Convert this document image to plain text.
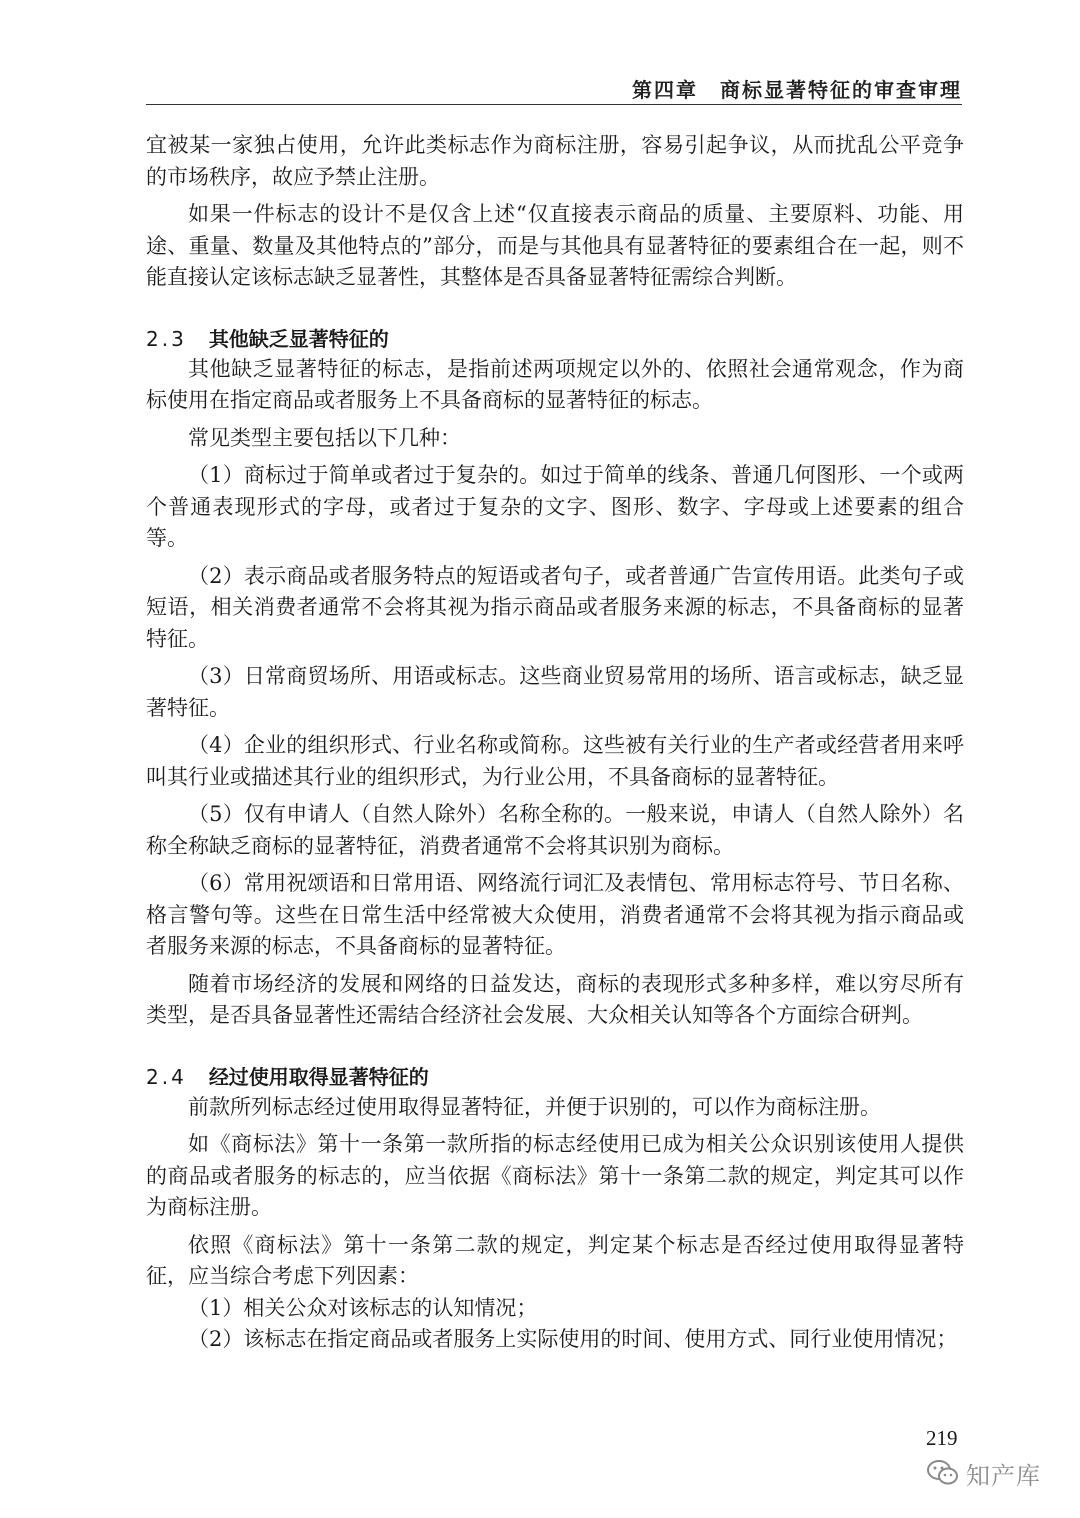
第四章　商标显著特征的审查审理

宜被某一家独占使用，允许此类标志作为商标注册，容易引起争议，从而扰乱公平竞争的市场秩序，故应予禁止注册。

如果一件标志的设计不是仅含上述“仅直接表示商品的质量、主要原料、功能、用途、重量、数量及其他特点的”部分，而是与其他具有显著特征的要素组合在一起，则不能直接认定该标志缺乏显著性，其整体是否具备显著特征需综合判断。

2.3 其他缺乏显著特征的

其他缺乏显著特征的标志，是指前述两项规定以外的、依照社会通常观念，作为商标使用在指定商品或者服务上不具备商标的显著特征的标志。

常见类型主要包括以下几种：

（1）商标过于简单或者过于复杂的。如过于简单的线条、普通几何图形、一个或两个普通表现形式的字母，或者过于复杂的文字、图形、数字、字母或上述要素的组合等。

（2）表示商品或者服务特点的短语或者句子，或者普通广告宣传用语。此类句子或短语，相关消费者通常不会将其视为指示商品或者服务来源的标志，不具备商标的显著特征。

（3）日常商贸场所、用语或标志。这些商业贸易常用的场所、语言或标志，缺乏显著特征。

（4）企业的组织形式、行业名称或简称。这些被有关行业的生产者或经营者用来呼叫其行业或描述其行业的组织形式，为行业公用，不具备商标的显著特征。

（5）仅有申请人（自然人除外）名称全称的。一般来说，申请人（自然人除外）名称全称缺乏商标的显著特征，消费者通常不会将其识别为商标。

（6）常用祝颂语和日常用语、网络流行词汇及表情包、常用标志符号、节日名称、格言警句等。这些在日常生活中经常被大众使用，消费者通常不会将其视为指示商品或者服务来源的标志，不具备商标的显著特征。

随着市场经济的发展和网络的日益发达，商标的表现形式多种多样，难以穷尽所有类型，是否具备显著性还需结合经济社会发展、大众相关认知等各个方面综合研判。

2.4 经过使用取得显著特征的

前款所列标志经过使用取得显著特征，并便于识别的，可以作为商标注册。

如《商标法》第十一条第一款所指的标志经使用已成为相关公众识别该使用人提供的商品或者服务的标志的，应当依据《商标法》第十一条第二款的规定，判定其可以作为商标注册。

依照《商标法》第十一条第二款的规定，判定某个标志是否经过使用取得显著特征，应当综合考虑下列因素：

（1）相关公众对该标志的认知情况；

（2）该标志在指定商品或者服务上实际使用的时间、使用方式、同行业使用情况；

219
知产库
